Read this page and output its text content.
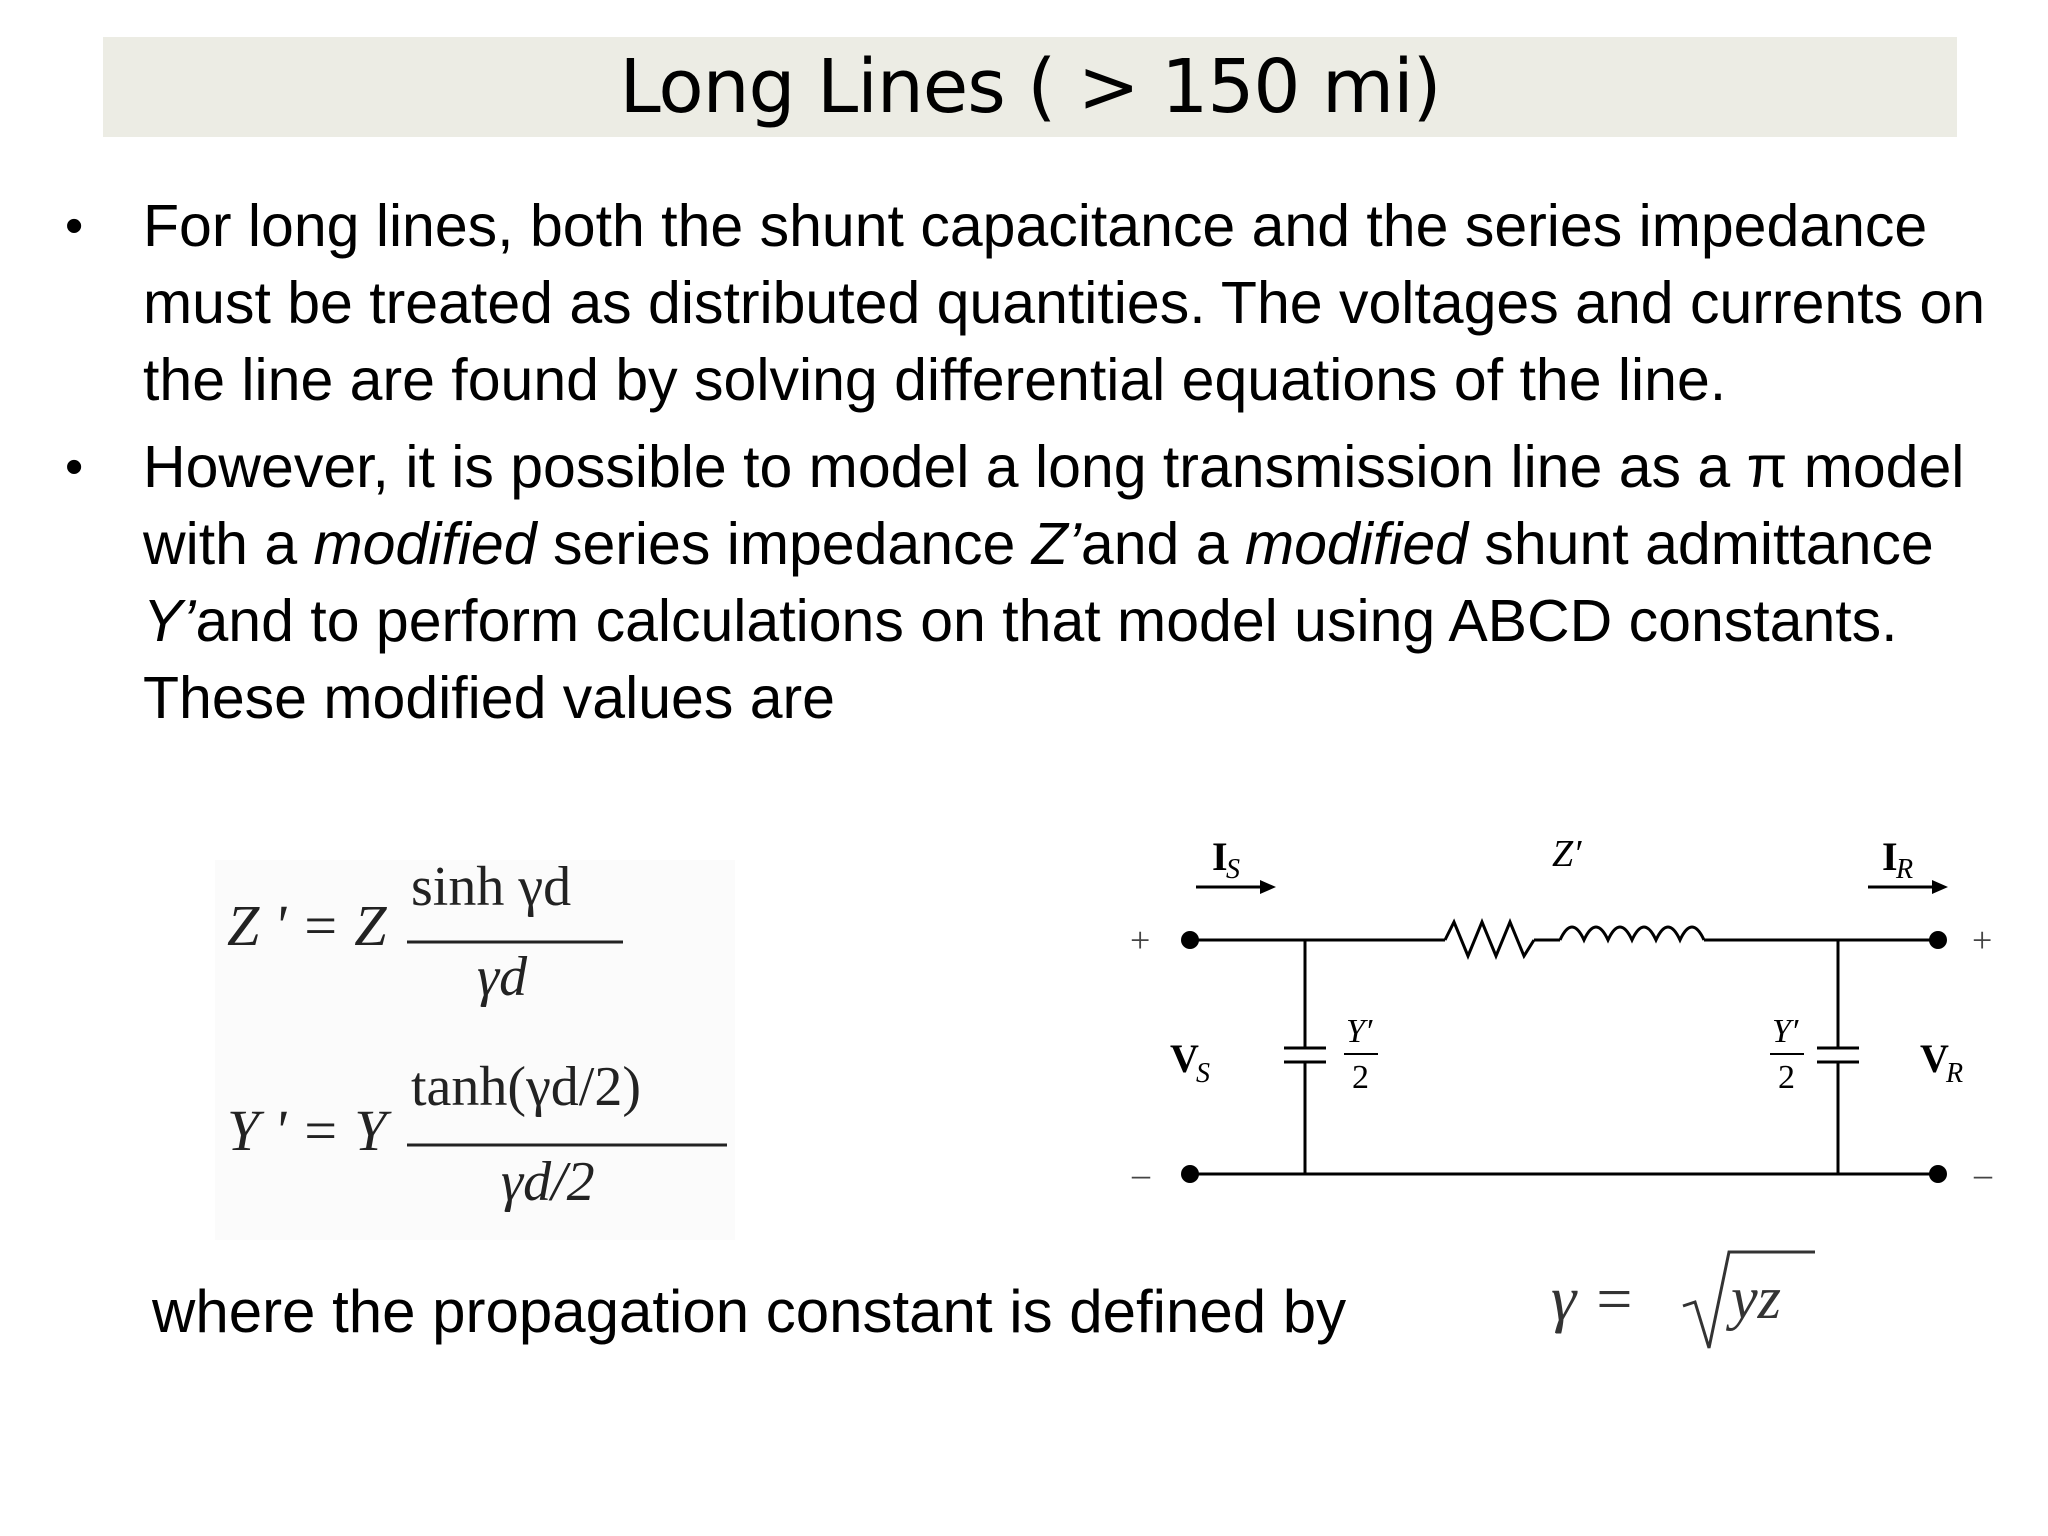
Long Lines ( > 150 mi)
• For long lines, both the shunt capacitance and the series impedance must be treated as distributed quantities. The voltages and currents on the line are found by solving differential equations of the line.
• However, it is possible to model a long transmission line as a π model with a modified series impedance Z’and a modified shunt admittance Y’and to perform calculations on that model using ABCD constants. These modified values are
Z ' = Z
sinh γd
γd
Y ' = Y
tanh(γd/2)
γd/2
I
S	I
R
Z′
V
S	V
R
Y′
2
Y′
2
+	+
–	–
where the propagation constant is defined by	γ = yz
